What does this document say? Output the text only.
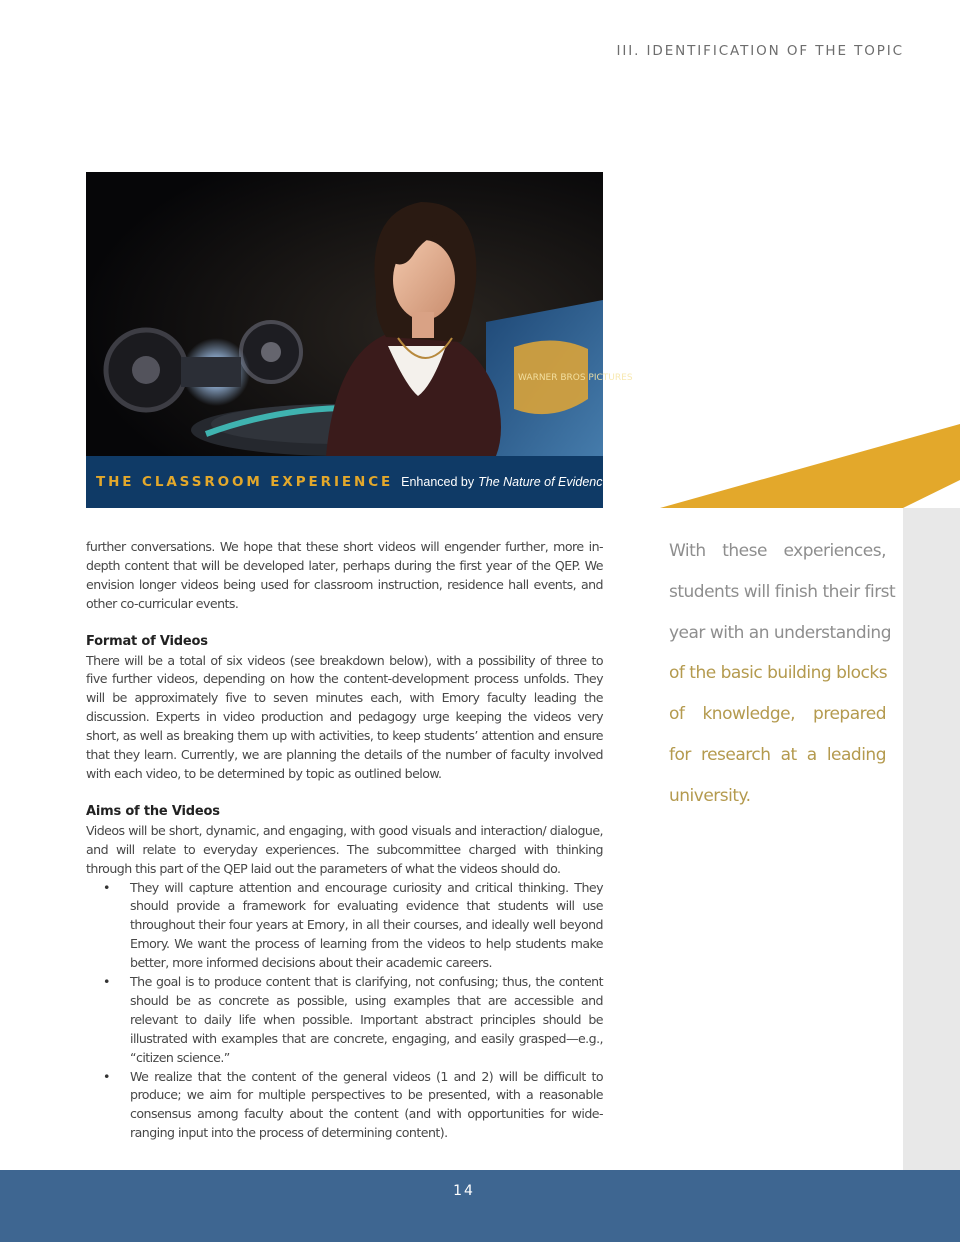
III. IDENTIFICATION OF THE TOPIC
WARNER BROS PICTURES
THE CLASSROOM EXPERIENCE Enhanced by The Nature of Evidence

further conversations. We hope that these short videos will engender further, more in-depth content that will be developed later, perhaps during the first year of the QEP. We envision longer videos being used for classroom instruction, residence hall events, and other co-curricular events.

Format of Videos

There will be a total of six videos (see breakdown below), with a possibility of three to five further videos, depending on how the content-development process unfolds. They will be approximately five to seven minutes each, with Emory faculty leading the discussion. Experts in video production and pedagogy urge keeping the videos very short, as well as breaking them up with activities, to keep students’ attention and ensure that they learn. Currently, we are planning the details of the number of faculty involved with each video, to be determined by topic as outlined below.

Aims of the Videos

Videos will be short, dynamic, and engaging, with good visuals and interaction/ dialogue, and will relate to everyday experiences. The subcommittee charged with thinking through this part of the QEP laid out the parameters of what the videos should do.

• They will capture attention and encourage curiosity and critical thinking. They should provide a framework for evaluating evidence that students will use throughout their four years at Emory, in all their courses, and ideally well beyond Emory. We want the process of learning from the videos to help students make better, more informed decisions about their academic careers.
• The goal is to produce content that is clarifying, not confusing; thus, the content should be as concrete as possible, using examples that are accessible and relevant to daily life when possible. Important abstract principles should be illustrated with examples that are concrete, engaging, and easily grasped—e.g., “citizen science.”
• We realize that the content of the general videos (1 and 2) will be difficult to produce; we aim for multiple perspectives to be presented, with a reasonable consensus among faculty about the content (and with opportunities for wide-ranging input into the process of determining content).
With these experiences,
students will finish their first
year with an understanding
of the basic building blocks
of knowledge, prepared
for research at a leading
university.
14
